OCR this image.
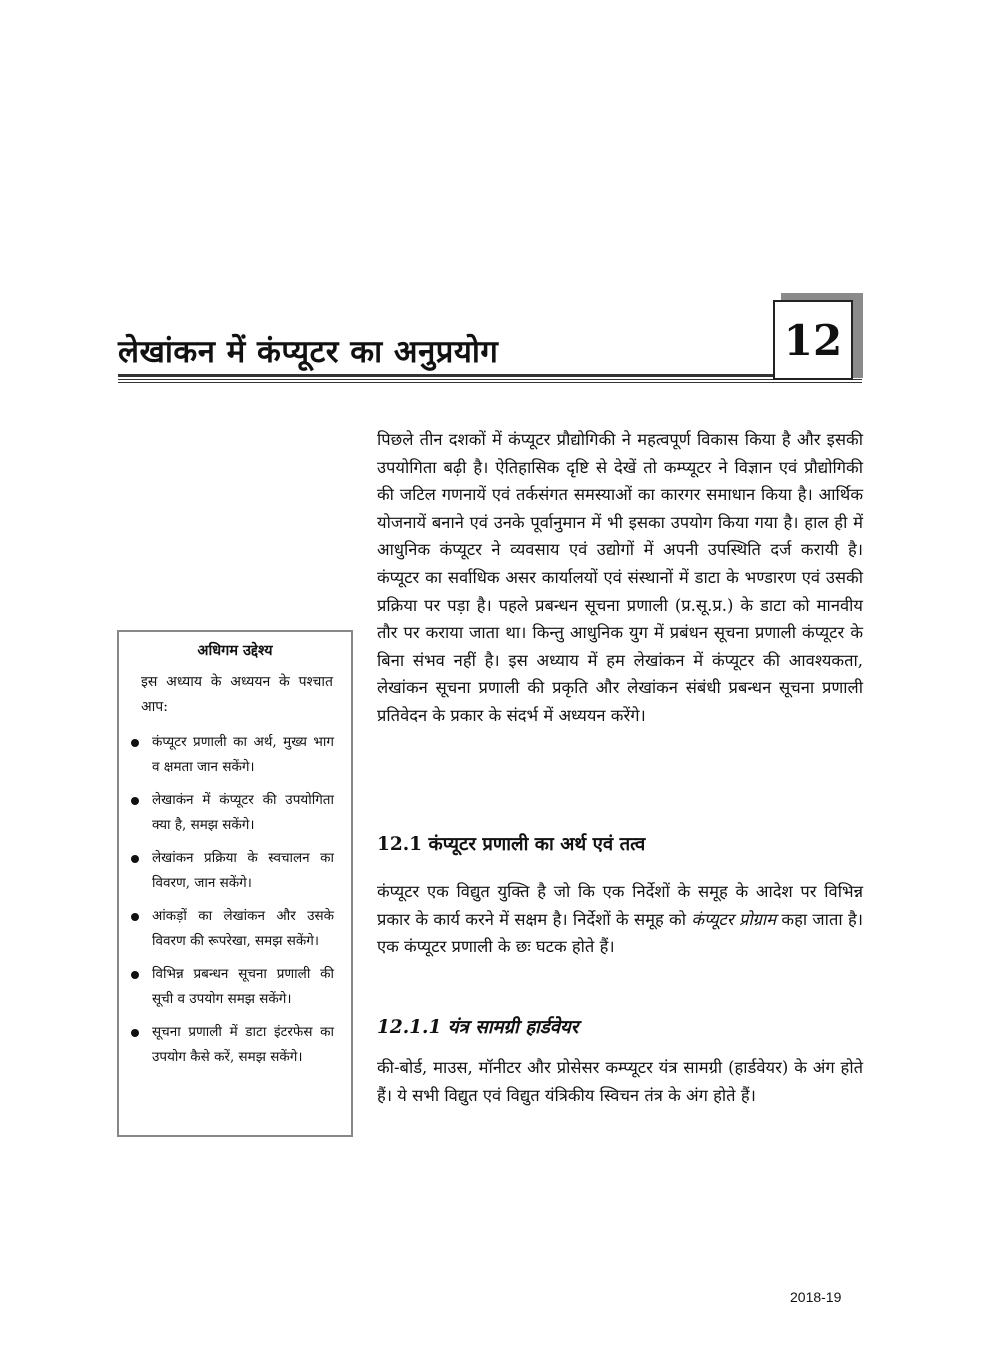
लेखांकन में कंप्यूटर का अनुप्रयोग	12

पिछले तीन दशकों में कंप्यूटर प्रौद्योगिकी ने महत्वपूर्ण विकास किया है और इसकी उपयोगिता बढ़ी है। ऐतिहासिक दृष्टि से देखें तो कम्प्यूटर ने विज्ञान एवं प्रौद्योगिकी की जटिल गणनायें एवं तर्कसंगत समस्याओं का कारगर समाधान किया है। आर्थिक योजनायें बनाने एवं उनके पूर्वानुमान में भी इसका उपयोग किया गया है। हाल ही में आधुनिक कंप्यूटर ने व्यवसाय एवं उद्योगों में अपनी उपस्थिति दर्ज करायी है। कंप्यूटर का सर्वाधिक असर कार्यालयों एवं संस्थानों में डाटा के भण्डारण एवं उसकी प्रक्रिया पर पड़ा है। पहले प्रबन्धन सूचना प्रणाली (प्र.सू.प्र.) के डाटा को मानवीय तौर पर कराया जाता था। किन्तु आधुनिक युग में प्रबंधन सूचना प्रणाली कंप्यूटर के बिना संभव नहीं है। इस अध्याय में हम लेखांकन में कंप्यूटर की आवश्यकता, लेखांकन सूचना प्रणाली की प्रकृति और लेखांकन संबंधी प्रबन्धन सूचना प्रणाली प्रतिवेदन के प्रकार के संदर्भ में अध्ययन करेंगे।

12.1 कंप्यूटर प्रणाली का अर्थ एवं तत्व

कंप्यूटर एक विद्युत युक्ति है जो कि एक निर्देशों के समूह के आदेश पर विभिन्न प्रकार के कार्य करने में सक्षम है। निर्देशों के समूह को कंप्यूटर प्रोग्राम कहा जाता है। एक कंप्यूटर प्रणाली के छः घटक होते हैं।

12.1.1 यंत्र सामग्री हार्डवेयर

की-बोर्ड, माउस, मॉनीटर और प्रोसेसर कम्प्यूटर यंत्र सामग्री (हार्डवेयर) के अंग होते हैं। ये सभी विद्युत एवं विद्युत यंत्रिकीय स्विचन तंत्र के अंग होते हैं।

अधिगम उद्देश्य

इस अध्याय के अध्ययन के पश्चात आप:

कंप्यूटर प्रणाली का अर्थ, मुख्य भाग व क्षमता जान सकेंगे।
लेखाकंन में कंप्यूटर की उपयोगिता क्या है, समझ सकेंगे।
लेखांकन प्रक्रिया के स्वचालन का विवरण, जान सकेंगे।
आंकड़ों का लेखांकन और उसके विवरण की रूपरेखा, समझ सकेंगे।
विभिन्न प्रबन्धन सूचना प्रणाली की सूची व उपयोग समझ सकेंगे।
सूचना प्रणाली में डाटा इंटरफेस का उपयोग कैसे करें, समझ सकेंगे।
2018-19
